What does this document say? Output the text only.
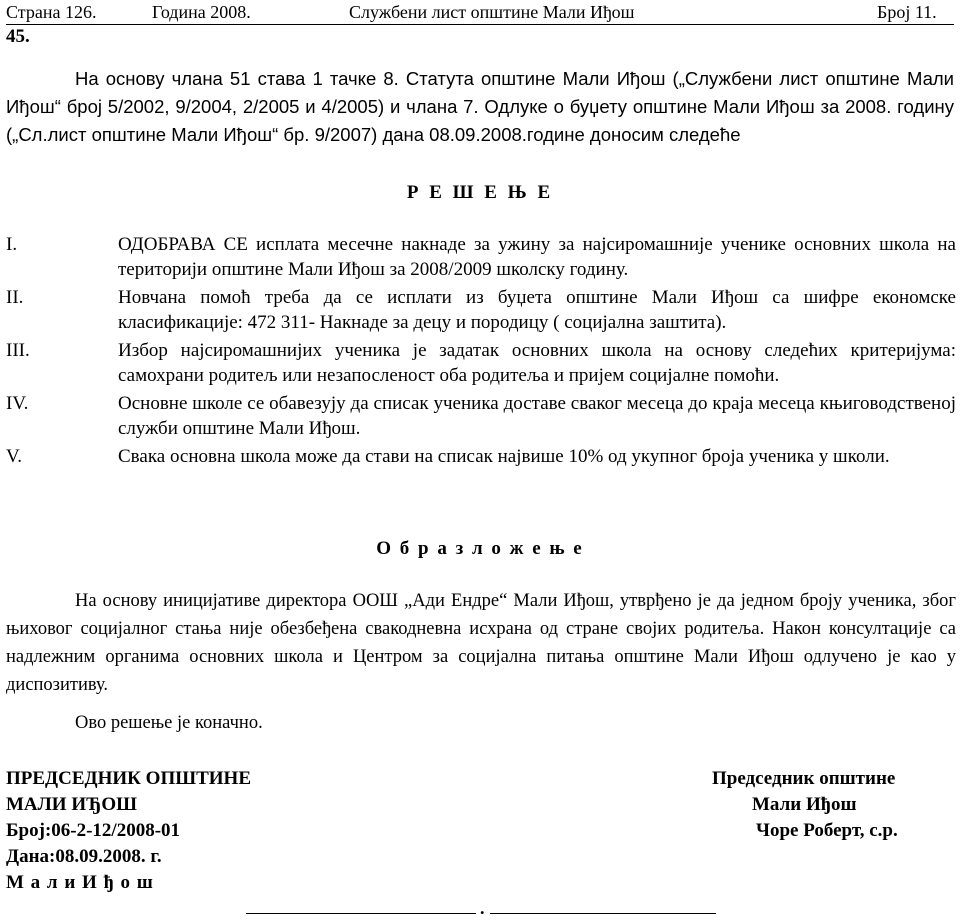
Страна 126.	Година 2008.	Службени лист општине Мали Иђош	Број 11.
45.

На основу члана 51 става 1 тачке 8. Статута општине Мали Иђош („Службени лист општине Мали Иђош“ број 5/2002, 9/2004, 2/2005 и 4/2005) и члана 7. Одлуке о буџету општине Мали Иђош за 2008. годину („Сл.лист општине Мали Иђош“ бр. 9/2007) дана 08.09.2008.године доносим следеће

Р Е Ш Е Њ Е
I.	ОДОБРАВА СЕ исплата месечне накнаде за ужину за најсиромашније ученике основних школа на територији општине Мали Иђош за 2008/2009 школску годину.

II.	Новчана помоћ треба да се исплати из буџета општине Мали Иђош са шифре економске класификације: 472 311- Накнаде за децу и породицу ( социјална заштита).

III.	Избор најсиромашнијих ученика је задатак основних школа на основу следећих критеријума: самохрани родитељ или незапосленост оба родитеља и пријем социјалне помоћи.

IV.	Основне школе се обавезују да списак ученика доставе сваког месеца до краја месеца књиговодственој служби општине Мали Иђош.

V.	Свака основна школа може да стави на списак највише 10% од укупног броја ученика у школи.

О б р а з л о ж е њ е

На основу иницијативе директора ООШ „Ади Ендре“ Мали Иђош, утврђено је да једном броју ученика, због њиховог социјалног стања није обезбеђена свакодневна исхрана од стране својих родитеља. Након консултације са надлежним органима основних школа и Центром за социјална питања општине Мали Иђош одлучено је као у диспозитиву.

Ово решење је коначно.
ПРЕДСЕДНИК ОПШТИНЕ
МАЛИ ИЂОШ
Број:06-2-12/2008-01
Дана:08.09.2008. г.
М а л и И ђ о ш
Председник општине
Мали Иђош
Чоре Роберт, с.р.
.
